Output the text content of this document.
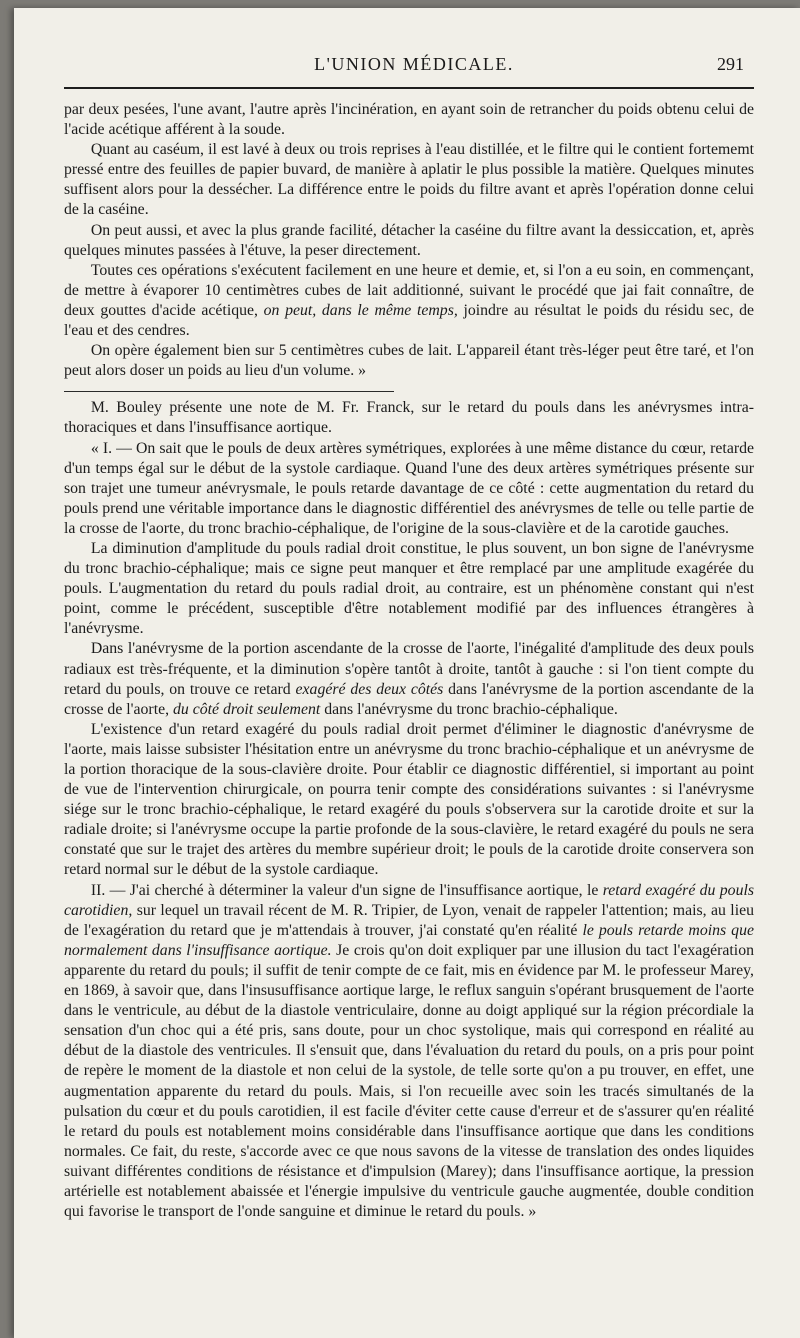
L'UNION MÉDICALE.	291

par deux pesées, l'une avant, l'autre après l'incinération, en ayant soin de retrancher du poids obtenu celui de l'acide acétique afférent à la soude.

Quant au caséum, il est lavé à deux ou trois reprises à l'eau distillée, et le filtre qui le contient fortememt pressé entre des feuilles de papier buvard, de manière à aplatir le plus possible la matière. Quelques minutes suffisent alors pour la dessécher. La différence entre le poids du filtre avant et après l'opération donne celui de la caséine.

On peut aussi, et avec la plus grande facilité, détacher la caséine du filtre avant la dessiccation, et, après quelques minutes passées à l'étuve, la peser directement.

Toutes ces opérations s'exécutent facilement en une heure et demie, et, si l'on a eu soin, en commençant, de mettre à évaporer 10 centimètres cubes de lait additionné, suivant le procédé que jai fait connaître, de deux gouttes d'acide acétique, on peut, dans le même temps, joindre au résultat le poids du résidu sec, de l'eau et des cendres.

On opère également bien sur 5 centimètres cubes de lait. L'appareil étant très-léger peut être taré, et l'on peut alors doser un poids au lieu d'un volume. »

M. Bouley présente une note de M. Fr. Franck, sur le retard du pouls dans les anévrysmes intra-thoraciques et dans l'insuffisance aortique.

« I. — On sait que le pouls de deux artères symétriques, explorées à une même distance du cœur, retarde d'un temps égal sur le début de la systole cardiaque. Quand l'une des deux artères symétriques présente sur son trajet une tumeur anévrysmale, le pouls retarde davantage de ce côté : cette augmentation du retard du pouls prend une véritable importance dans le diagnostic différentiel des anévrysmes de telle ou telle partie de la crosse de l'aorte, du tronc brachio-céphalique, de l'origine de la sous-clavière et de la carotide gauches.

La diminution d'amplitude du pouls radial droit constitue, le plus souvent, un bon signe de l'anévrysme du tronc brachio-céphalique; mais ce signe peut manquer et être remplacé par une amplitude exagérée du pouls. L'augmentation du retard du pouls radial droit, au contraire, est un phénomène constant qui n'est point, comme le précédent, susceptible d'être notablement modifié par des influences étrangères à l'anévrysme.

Dans l'anévrysme de la portion ascendante de la crosse de l'aorte, l'inégalité d'amplitude des deux pouls radiaux est très-fréquente, et la diminution s'opère tantôt à droite, tantôt à gauche : si l'on tient compte du retard du pouls, on trouve ce retard exagéré des deux côtés dans l'anévrysme de la portion ascendante de la crosse de l'aorte, du côté droit seulement dans l'anévrysme du tronc brachio-céphalique.

L'existence d'un retard exagéré du pouls radial droit permet d'éliminer le diagnostic d'anévrysme de l'aorte, mais laisse subsister l'hésitation entre un anévrysme du tronc brachio-céphalique et un anévrysme de la portion thoracique de la sous-clavière droite. Pour établir ce diagnostic différentiel, si important au point de vue de l'intervention chirurgicale, on pourra tenir compte des considérations suivantes : si l'anévrysme siége sur le tronc brachio-céphalique, le retard exagéré du pouls s'observera sur la carotide droite et sur la radiale droite; si l'anévrysme occupe la partie profonde de la sous-clavière, le retard exagéré du pouls ne sera constaté que sur le trajet des artères du membre supérieur droit; le pouls de la carotide droite conservera son retard normal sur le début de la systole cardiaque.

II. — J'ai cherché à déterminer la valeur d'un signe de l'insuffisance aortique, le retard exagéré du pouls carotidien, sur lequel un travail récent de M. R. Tripier, de Lyon, venait de rappeler l'attention; mais, au lieu de l'exagération du retard que je m'attendais à trouver, j'ai constaté qu'en réalité le pouls retarde moins que normalement dans l'insuffisance aortique. Je crois qu'on doit expliquer par une illusion du tact l'exagération apparente du retard du pouls; il suffit de tenir compte de ce fait, mis en évidence par M. le professeur Marey, en 1869, à savoir que, dans l'insusuffisance aortique large, le reflux sanguin s'opérant brusquement de l'aorte dans le ventricule, au début de la diastole ventriculaire, donne au doigt appliqué sur la région précordiale la sensation d'un choc qui a été pris, sans doute, pour un choc systolique, mais qui correspond en réalité au début de la diastole des ventricules. Il s'ensuit que, dans l'évaluation du retard du pouls, on a pris pour point de repère le moment de la diastole et non celui de la systole, de telle sorte qu'on a pu trouver, en effet, une augmentation apparente du retard du pouls. Mais, si l'on recueille avec soin les tracés simultanés de la pulsation du cœur et du pouls carotidien, il est facile d'éviter cette cause d'erreur et de s'assurer qu'en réalité le retard du pouls est notablement moins considérable dans l'insuffisance aortique que dans les conditions normales. Ce fait, du reste, s'accorde avec ce que nous savons de la vitesse de translation des ondes liquides suivant différentes conditions de résistance et d'impulsion (Marey); dans l'insuffisance aortique, la pression artérielle est notablement abaissée et l'énergie impulsive du ventricule gauche augmentée, double condition qui favorise le transport de l'onde sanguine et diminue le retard du pouls. »
